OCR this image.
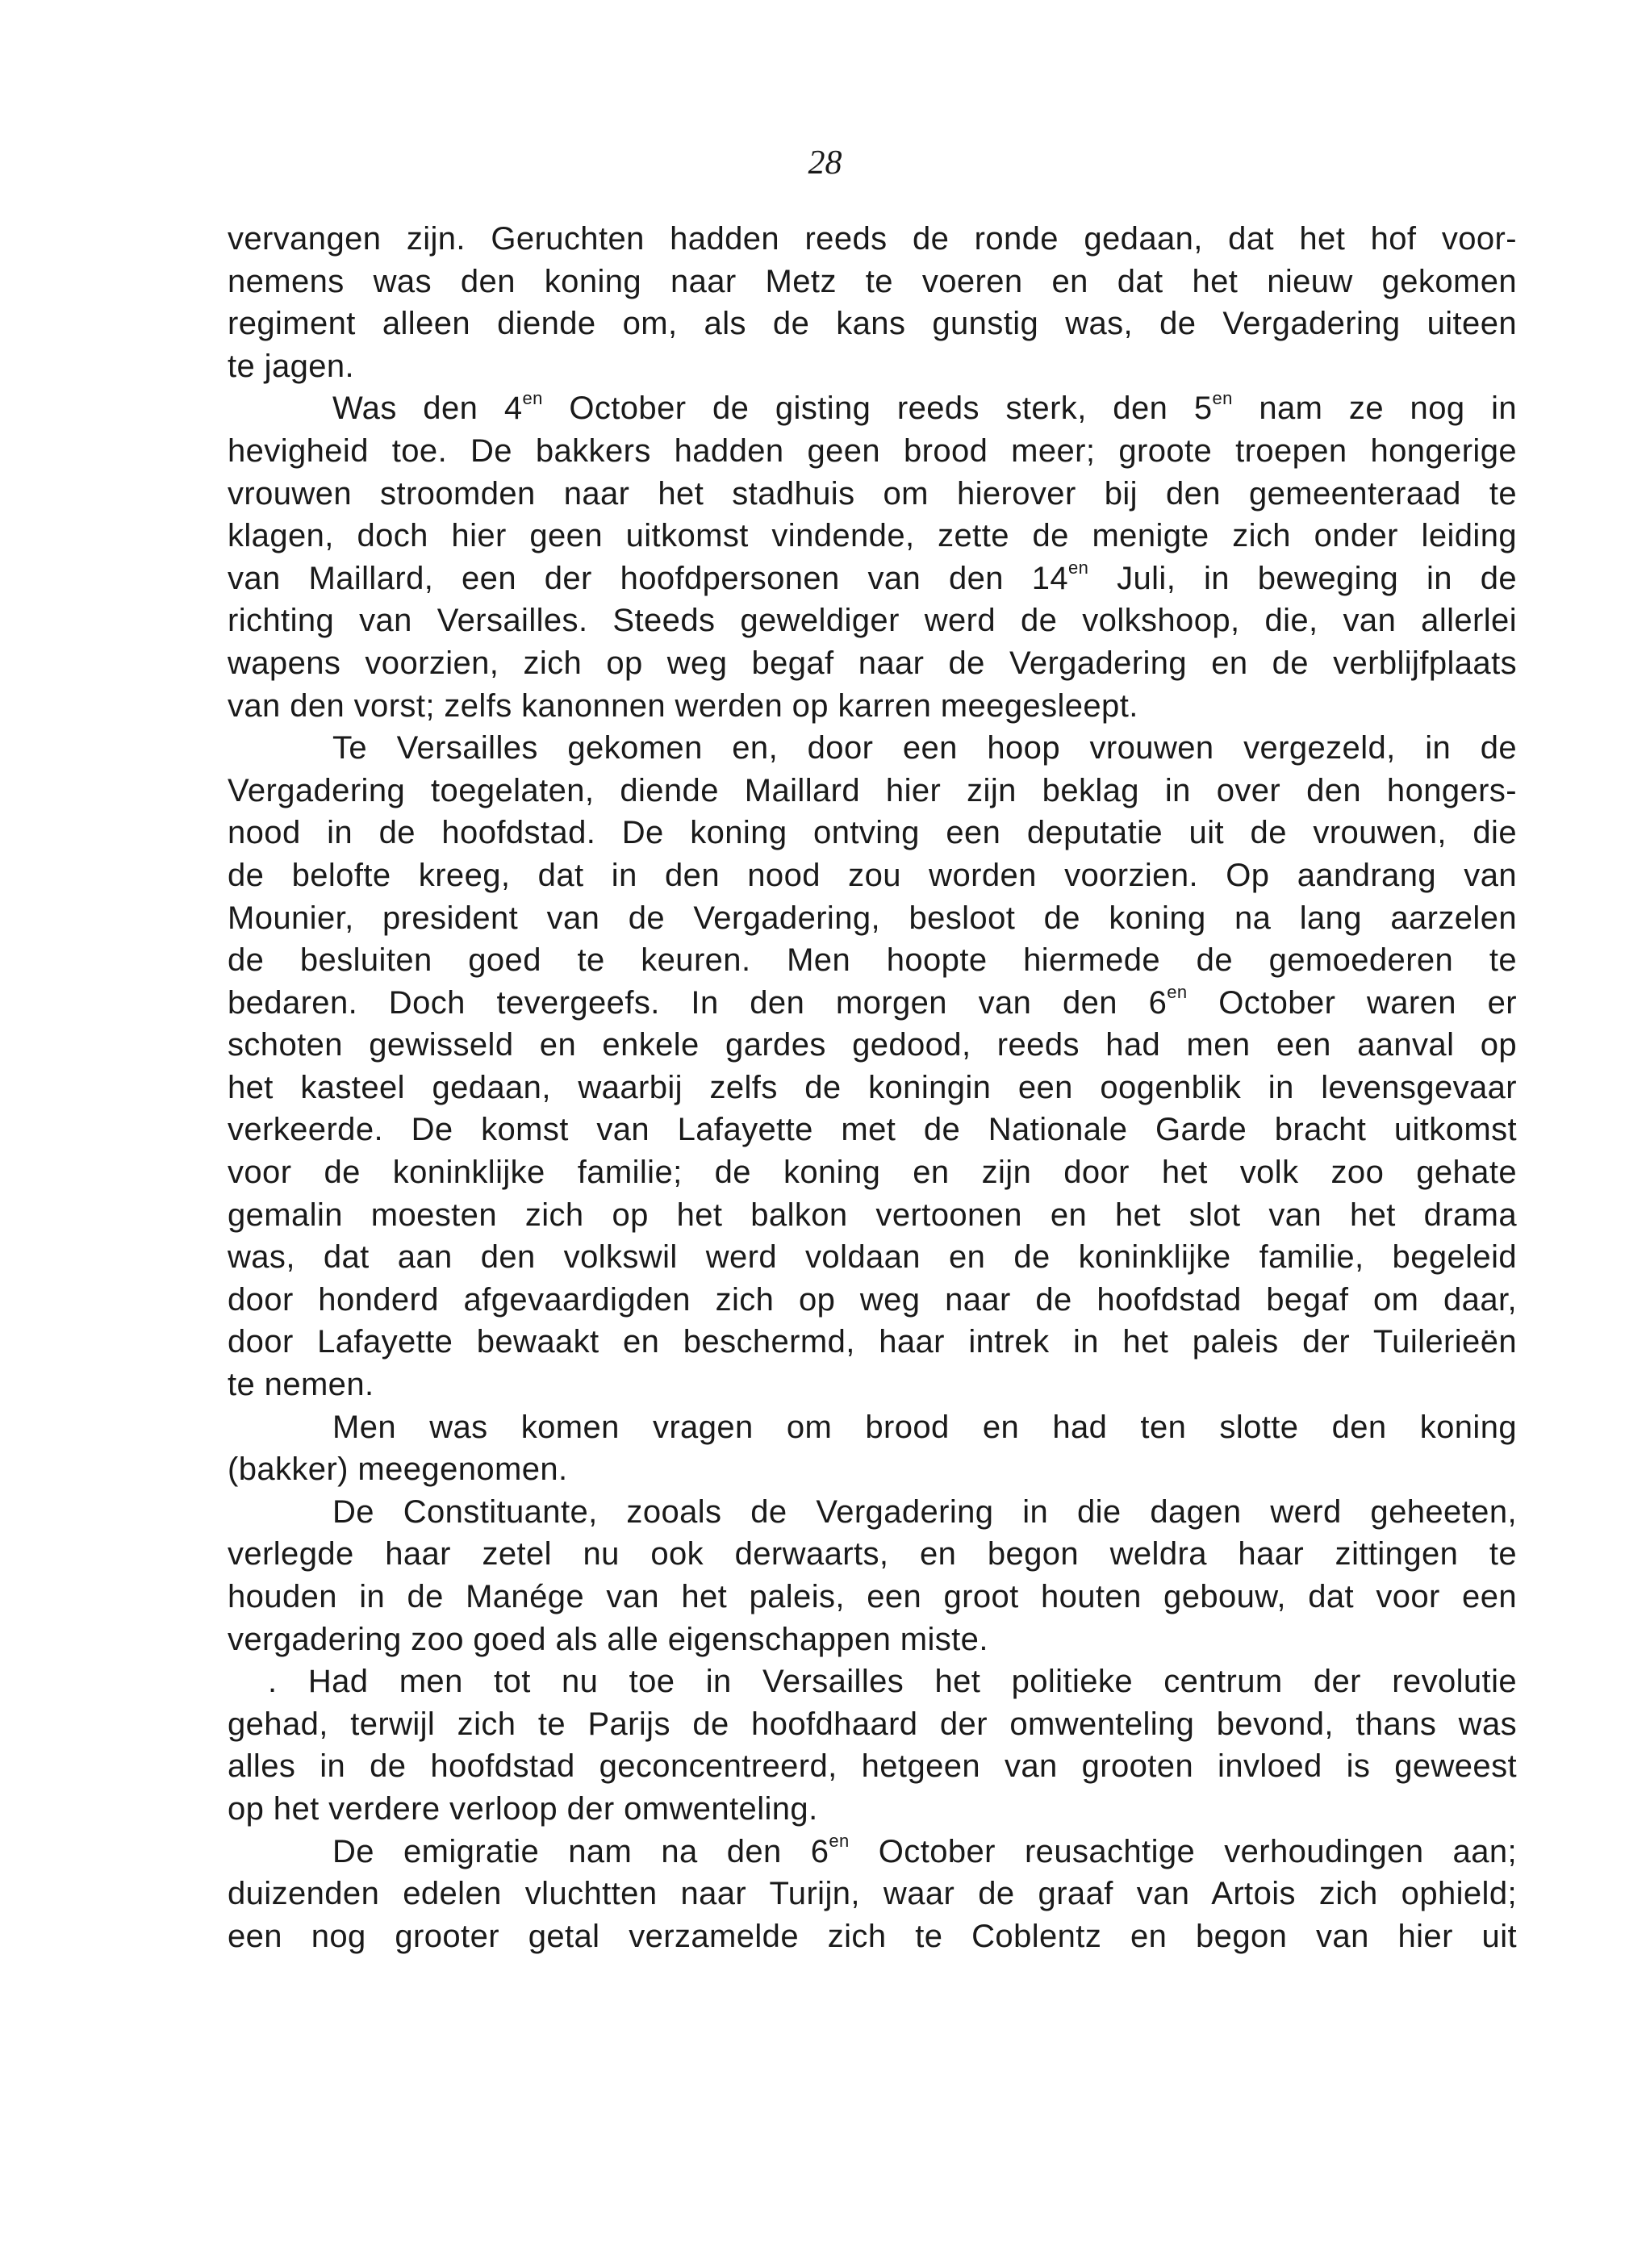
28
vervangen zijn. Geruchten hadden reeds de ronde gedaan, dat het hof voor-
nemens was den koning naar Metz te voeren en dat het nieuw gekomen
regiment alleen diende om, als de kans gunstig was, de Vergadering uiteen
te jagen.
Was den $4^{en}$ October de gisting reeds sterk, den $5^{en}$ nam ze nog in
hevigheid toe. De bakkers hadden geen brood meer; groote troepen hongerige
vrouwen stroomden naar het stadhuis om hierover bij den gemeenteraad te
klagen, doch hier geen uitkomst vindende, zette de menigte zich onder leiding
van Maillard, een der hoofdpersonen van den $14^{en}$ Juli, in beweging in de
richting van Versailles. Steeds geweldiger werd de volkshoop, die, van allerlei
wapens voorzien, zich op weg begaf naar de Vergadering en de verblijfplaats
van den vorst; zelfs kanonnen werden op karren meegesleept.
Te Versailles gekomen en, door een hoop vrouwen vergezeld, in de
Vergadering toegelaten, diende Maillard hier zijn beklag in over den hongers-
nood in de hoofdstad. De koning ontving een deputatie uit de vrouwen, die
de belofte kreeg, dat in den nood zou worden voorzien. Op aandrang van
Mounier, president van de Vergadering, besloot de koning na lang aarzelen
de besluiten goed te keuren. Men hoopte hiermede de gemoederen te
bedaren. Doch tevergeefs. In den morgen van den $6^{en}$ October waren er
schoten gewisseld en enkele gardes gedood, reeds had men een aanval op
het kasteel gedaan, waarbij zelfs de koningin een oogenblik in levensgevaar
verkeerde. De komst van Lafayette met de Nationale Garde bracht uitkomst
voor de koninklijke familie; de koning en zijn door het volk zoo gehate
gemalin moesten zich op het balkon vertoonen en het slot van het drama
was, dat aan den volkswil werd voldaan en de koninklijke familie, begeleid
door honderd afgevaardigden zich op weg naar de hoofdstad begaf om daar,
door Lafayette bewaakt en beschermd, haar intrek in het paleis der Tuilerieën
te nemen.
Men was komen vragen om brood en had ten slotte den koning
(bakker) meegenomen.
De Constituante, zooals de Vergadering in die dagen werd geheeten,
verlegde haar zetel nu ook derwaarts, en begon weldra haar zittingen te
houden in de Manége van het paleis, een groot houten gebouw, dat voor een
vergadering zoo goed als alle eigenschappen miste.
. Had men tot nu toe in Versailles het politieke centrum der revolutie
gehad, terwijl zich te Parijs de hoofdhaard der omwenteling bevond, thans was
alles in de hoofdstad geconcentreerd, hetgeen van grooten invloed is geweest
op het verdere verloop der omwenteling.
De emigratie nam na den $6^{en}$ October reusachtige verhoudingen aan;
duizenden edelen vluchtten naar Turijn, waar de graaf van Artois zich ophield;
een nog grooter getal verzamelde zich te Coblentz en begon van hier uit
